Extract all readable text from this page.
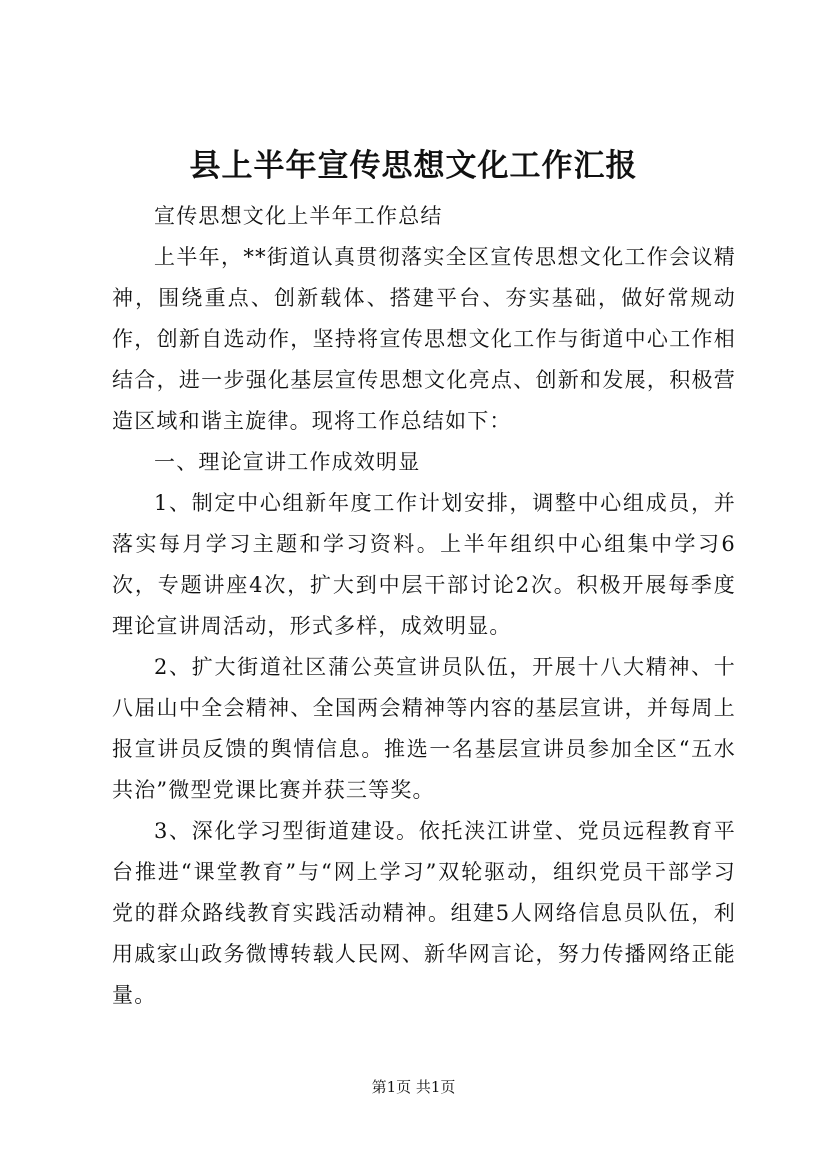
县上半年宣传思想文化工作汇报

宣传思想文化上半年工作总结

上半年，**街道认真贯彻落实全区宣传思想文化工作会议精神，围绕重点、创新载体、搭建平台、夯实基础，做好常规动作，创新自选动作，坚持将宣传思想文化工作与街道中心工作相结合，进一步强化基层宣传思想文化亮点、创新和发展，积极营造区域和谐主旋律。现将工作总结如下：

一、理论宣讲工作成效明显

1、制定中心组新年度工作计划安排，调整中心组成员，并落实每月学习主题和学习资料。上半年组织中心组集中学习6次，专题讲座4次，扩大到中层干部讨论2次。积极开展每季度理论宣讲周活动，形式多样，成效明显。

2、扩大街道社区蒲公英宣讲员队伍，开展十八大精神、十八届山中全会精神、全国两会精神等内容的基层宣讲，并每周上报宣讲员反馈的舆情信息。推选一名基层宣讲员参加全区“五水共治”微型党课比赛并获三等奖。

3、深化学习型街道建设。依托浃江讲堂、党员远程教育平台推进“课堂教育”与“网上学习”双轮驱动，组织党员干部学习党的群众路线教育实践活动精神。组建5人网络信息员队伍，利用戚家山政务微博转载人民网、新华网言论，努力传播网络正能量。

第1页 共1页
